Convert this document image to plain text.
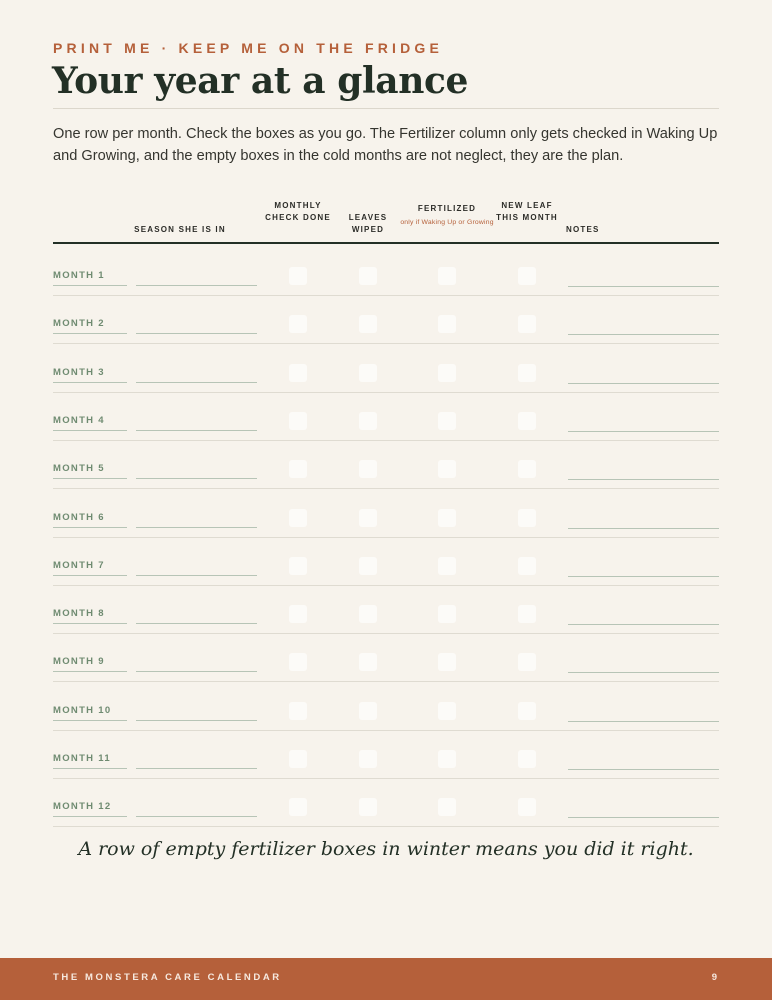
PRINT ME · KEEP ME ON THE FRIDGE
Your year at a glance

One row per month. Check the boxes as you go. The Fertilizer column only gets checked in Waking Up and Growing, and the empty boxes in the cold months are not neglect, they are the plan.

SEASON SHE IS IN
MONTHLY CHECK DONE	LEAVES WIPED
FERTILIZED
only if Waking Up or Growing
NEW LEAF THIS MONTH
NOTES
MONTH 1
MONTH 2
MONTH 3
MONTH 4
MONTH 5
MONTH 6
MONTH 7
MONTH 8
MONTH 9
MONTH 10
MONTH 11
MONTH 12
A row of empty fertilizer boxes in winter means you did it right.
THE MONSTERA CARE CALENDAR	9
